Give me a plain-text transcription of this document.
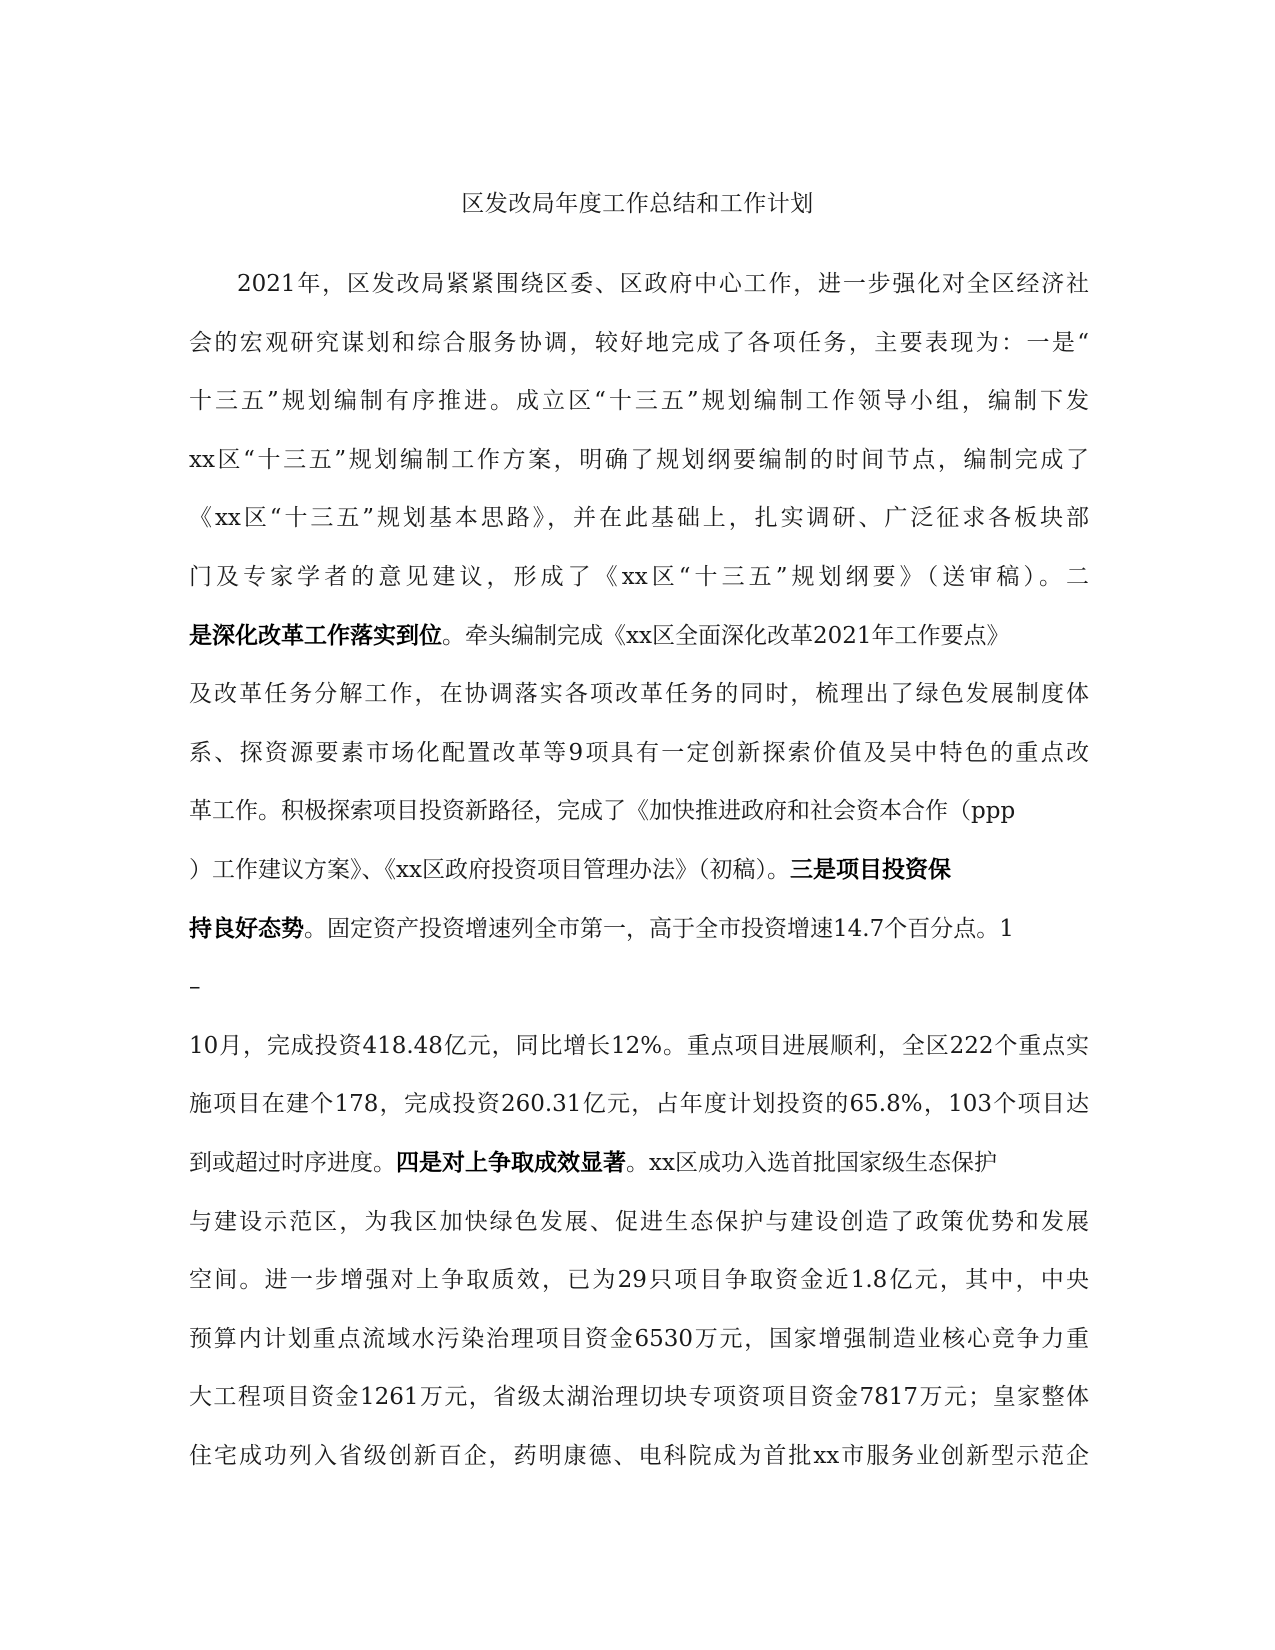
区发改局年度工作总结和工作计划
2021年，区发改局紧紧围绕区委、区政府中心工作，进一步强化对全区经济社
会的宏观研究谋划和综合服务协调，较好地完成了各项任务，主要表现为：一是“
十三五”规划编制有序推进。成立区“十三五”规划编制工作领导小组，编制下发
xx区“十三五”规划编制工作方案，明确了规划纲要编制的时间节点，编制完成了
《xx区“十三五”规划基本思路》，并在此基础上，扎实调研、广泛征求各板块部
门及专家学者的意见建议，形成了《xx区“十三五”规划纲要》（送审稿）。二
是深化改革工作落实到位。牵头编制完成《xx区全面深化改革2021年工作要点》
及改革任务分解工作，在协调落实各项改革任务的同时，梳理出了绿色发展制度体
系、探资源要素市场化配置改革等9项具有一定创新探索价值及吴中特色的重点改
革工作。积极探索项目投资新路径，完成了《加快推进政府和社会资本合作（ppp
）工作建议方案》、《xx区政府投资项目管理办法》（初稿）。三是项目投资保
持良好态势。固定资产投资增速列全市第一，高于全市投资增速14.7个百分点。1
–
10月，完成投资418.48亿元，同比增长12%。重点项目进展顺利，全区222个重点实
施项目在建个178，完成投资260.31亿元，占年度计划投资的65.8%，103个项目达
到或超过时序进度。四是对上争取成效显著。xx区成功入选首批国家级生态保护
与建设示范区，为我区加快绿色发展、促进生态保护与建设创造了政策优势和发展
空间。进一步增强对上争取质效，已为29只项目争取资金近1.8亿元，其中，中央
预算内计划重点流域水污染治理项目资金6530万元，国家增强制造业核心竞争力重
大工程项目资金1261万元，省级太湖治理切块专项资项目资金7817万元；皇家整体
住宅成功列入省级创新百企，药明康德、电科院成为首批xx市服务业创新型示范企
